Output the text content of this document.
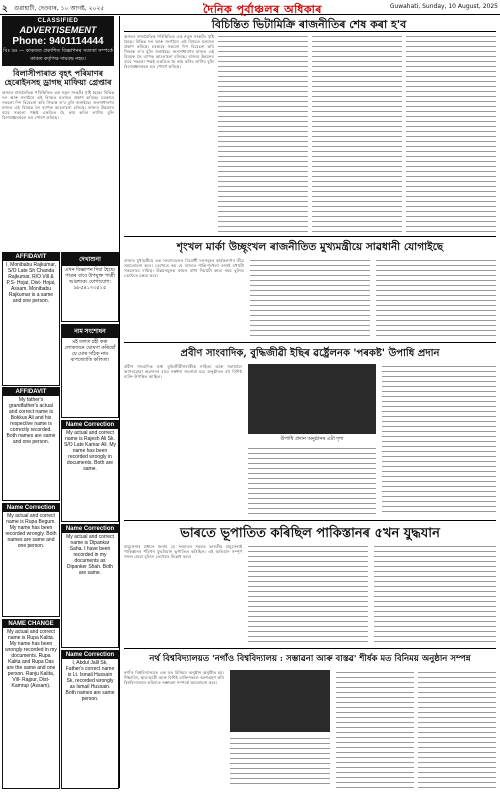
২ গুৱাহাটী, দেওবাৰ, ১০ আগষ্ট, ২০২৫	দৈনিক পূৰ্বাঞ্চলৰ অধিকাৰ	Guwahati, Sunday, 10 August, 2025
CLASSIFIED
ADVERTISEMENT
Phone: 9401114444
বিঃ দ্ৰঃ — কাকতত প্ৰকাশিত বিজ্ঞাপনৰ সত্যতা সম্পৰ্কে কাকত কৰ্তৃপক্ষ দায়বদ্ধ নহয়।
বিলাসীপাৰাত বৃহৎ পৰিমাণৰ হেৰোইনসহ ড্ৰাগছ মাফিয়া গ্ৰেপ্তাৰ
অসমৰ ৰাজনৈতিক পৰিস্থিতিত এক নতুন সংকটৰ সৃষ্টি হৈছে। বিভিন্ন দল আৰু সংগঠনে এই বিষয়ত মতামত প্ৰকাশ কৰিছে। চৰকাৰে সকলো দিশ বিবেচনা কৰি সিদ্ধান্ত ল'ব বুলি জনাইছে। জনসাধাৰণৰ মাজত এই বিষয়ক লৈ ব্যাপক আলোচনা চলিছে। ৰাজ্যৰ উন্নয়নৰ বাবে সকলো পক্ষই একত্ৰিত হৈ কাম কৰিব লাগিব বুলি বিশেষজ্ঞসকলে মত পোষণ কৰিছে।
AFFIDAVIT
I, Monibabu Rajkumar, S/O Late Sh Chanda Rajkumar, R/O Vill & P.S- Hojai, Dist- Hojai, Assam. Monibabu Rajkumar is a same and one person.
AFFIDAVIT
My father's grandfather's actual and correct name is Bokkus Ali and his respective name is correctly recorded. Both names are same and one person.
Name Correction
My actual and correct name is Rupa Begum. My name has been recorded wrongly. Both names are same and one person.
NAME CHANGE
My actual and correct name is Rupa Kalita. My name has been wrongly recorded in my documents. Rupa Kalita and Rupa Das are the same and one person. Ranju Kalita, Vill- Rajpur, Dist- Kamrup (Assam).
দেখাশুনা
এখন বিজ্ঞাপন দিয়া হৈছে। পাত্ৰৰ বাবে উপযুক্ত পাত্ৰী আৱশ্যক। যোগাযোগ: ৯৮৫৪১৭৩৫২৫
নাম সংশোধন
মই তলত চহী কৰা লোকজনে ঘোষণা কৰিছোঁ যে মোৰ সঠিক নাম ৰূপজ্যোতি কলিতা।
Name Correction
My actual and correct name is Rajesh Ali Sk. S/O Late Kamar Ali. My name has been recorded wrongly in documents. Both are same.
Name Correction
My actual and correct name is Dipankar Saha. I have been recorded in my documents as Dipanker Shah. Both are same.
Name Correction
I, Abdul Jalil Sk, Father's correct name is Lt. Ismail Hussain Sk, recorded wrongly as Ismail Hussain. Both names are same person.
বিচিন্তিত ভিটামিক্ৰি ৰাজনীতিৰ শেষ কৰা হ'ব
অসমৰ ৰাজনৈতিক পৰিস্থিতিত এক নতুন সংকটৰ সৃষ্টি হৈছে। বিভিন্ন দল আৰু সংগঠনে এই বিষয়ত মতামত প্ৰকাশ কৰিছে। চৰকাৰে সকলো দিশ বিবেচনা কৰি সিদ্ধান্ত ল'ব বুলি জনাইছে। জনসাধাৰণৰ মাজত এই বিষয়ক লৈ ব্যাপক আলোচনা চলিছে। ৰাজ্যৰ উন্নয়নৰ বাবে সকলো পক্ষই একত্ৰিত হৈ কাম কৰিব লাগিব বুলি বিশেষজ্ঞসকলে মত পোষণ কৰিছে।
শৃংখল মাৰ্কা উচ্ছৃংখল ৰাজনীতিত মুখ্যমন্ত্ৰীয়ে সাৱধানী যোগাইছে
ৰাজ্যৰ মুখ্যমন্ত্ৰীয়ে এক সংবাদমেলত বিৰোধী দলসমূহৰ কাৰ্যকলাপৰ তীব্ৰ সমালোচনা কৰে। তেখেতে কয় যে ৰাজ্যত শান্তি-শৃংখলা বজাই ৰখাটো সকলোৰে দায়িত্ব। উন্নয়নমূলক কামত বাধা দিয়াটো কাম্য নহয় বুলিও তেখেতে মন্তব্য কৰে।
প্ৰবীণ সাংবাদিক, বুদ্ধিজীৱী ইছিৰ ৱৰ্ষ্ট্ৰেলনক 'পৰকষ্ট' উপাধি প্ৰদান
প্ৰবীণ সাংবাদিক তথা বুদ্ধিজীৱীগৰাকীক সাহিত্য আৰু সমাজলৈ আগবঢ়োৱা অৱদানৰ বাবে সম্বৰ্ধনা জনোৱা হয়। অনুষ্ঠানত বহু বিশিষ্ট ব্যক্তি উপস্থিত আছিল।
উপাধি প্ৰদান অনুষ্ঠানৰ এটা দৃশ্য
ভাৰতে ভূপাতিত কৰিছিল পাকিস্তানৰ ৫খন যুদ্ধযান
বায়ুসেনাৰ প্ৰধানে জনায় যে সংঘাতৰ সময়ত ভাৰতীয় বায়ুসেনাই পাকিস্তানৰ পাঁচখন যুদ্ধবিমান ভূপাতিত কৰিছিল। এই অভিযান সম্পূৰ্ণ সফল হোৱা বুলিও তেখেতে উল্লেখ কৰে।
নৰ্থ বিশ্ববিদ্যালয়ত 'নগাঁও বিশ্ববিদ্যালয় : সম্ভাৱনা আৰু বাস্তৱ' শীৰ্ষক মত বিনিময় অনুষ্ঠান সম্পন্ন
নগাঁও বিশ্ববিদ্যালয়ত এক মত বিনিময় অনুষ্ঠান অনুষ্ঠিত হয়। শিক্ষাবিদ, ছাত্ৰ-ছাত্ৰী আৰু বিশিষ্ট ব্যক্তিসকলে অংশগ্ৰহণ কৰি বিশ্ববিদ্যালয়ৰ ভৱিষ্যত সম্ভাৱনা সম্পৰ্কে আলোচনা কৰে।
